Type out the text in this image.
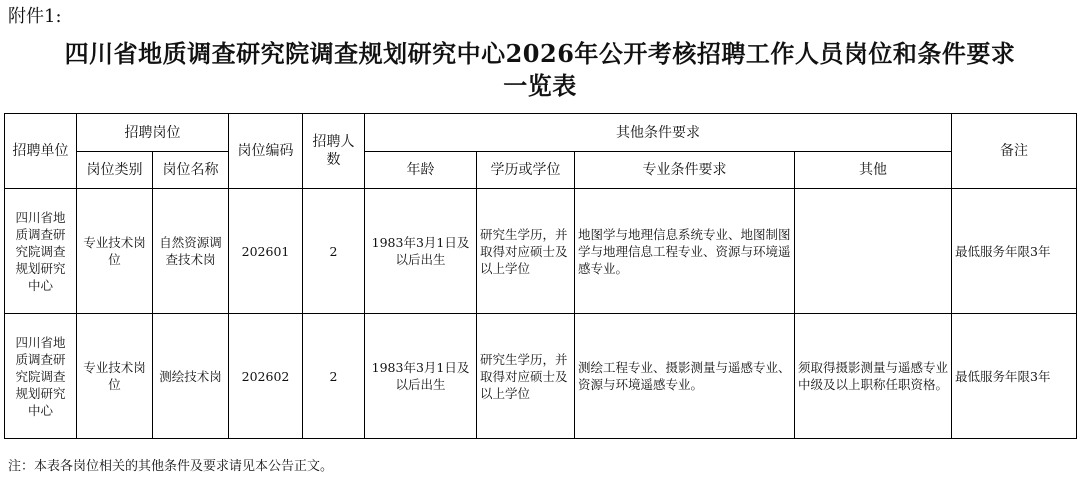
附件1:
四川省地质调查研究院调查规划研究中心2026年公开考核招聘工作人员岗位和条件要求
一览表
招聘单位	招聘岗位		岗位编码	招聘人数	其他条件要求				备注
	岗位类别	岗位名称			年龄	学历或学位	专业条件要求	其他	
四川省地质调查研究院调查规划研究中心	专业技术岗位	自然资源调查技术岗	202601	2	1983年3月1日及以后出生	研究生学历，并取得对应硕士及以上学位	地图学与地理信息系统专业、地图制图学与地理信息工程专业、资源与环境遥感专业。		最低服务年限3年
四川省地质调查研究院调查规划研究中心	专业技术岗位	测绘技术岗	202602	2	1983年3月1日及以后出生	研究生学历，并取得对应硕士及以上学位	测绘工程专业、摄影测量与遥感专业、资源与环境遥感专业。	须取得摄影测量与遥感专业中级及以上职称任职资格。	最低服务年限3年
注：本表各岗位相关的其他条件及要求请见本公告正文。
